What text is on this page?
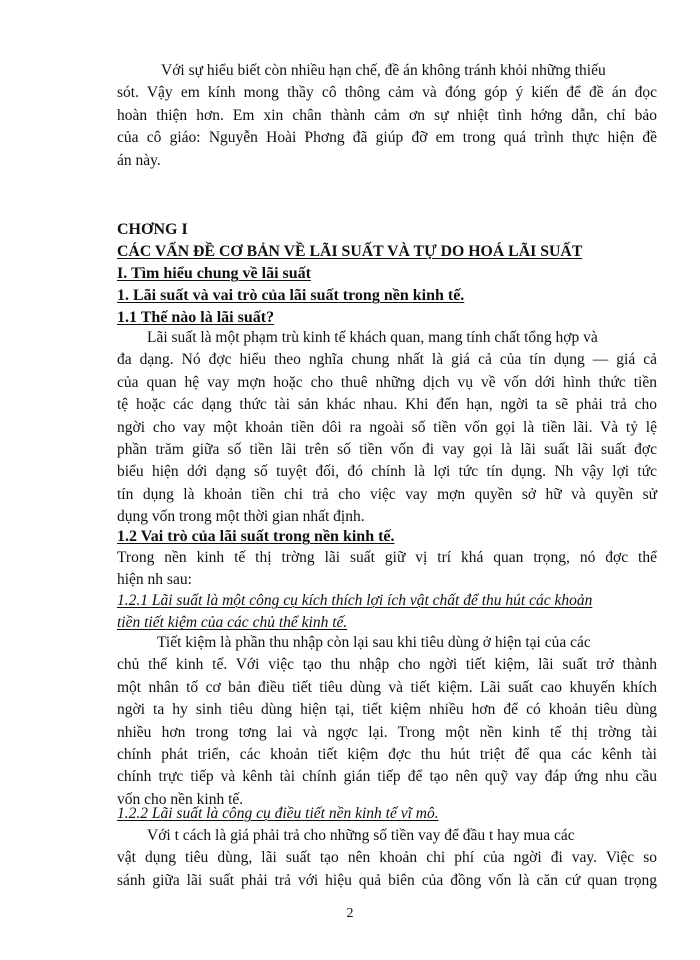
Với sự hiểu biết còn nhiều hạn chế, đề án không tránh khỏi những thiếu
sót. Vậy em kính mong thầy cô thông cảm và đóng góp ý kiến để đề án đọc
hoàn thiện hơn. Em xin chân thành cảm ơn sự nhiệt tình hớng dẫn, chỉ bảo
của cô giáo: Nguyễn Hoài Phơng đã giúp đỡ em trong quá trình thực hiện đề
án này.
CHƠNG I
CÁC VẤN ĐỀ CƠ BẢN VỀ LÃI SUẤT VÀ TỰ DO HOÁ LÃI SUẤT
I. Tìm hiểu chung về lãi suất
1. Lãi suất và vai trò của lãi suất trong nền kinh tế.
1.1 Thế nào là lãi suất?
Lãi suất là một phạm trù kinh tế khách quan, mang tính chất tổng hợp và
đa dạng. Nó đợc hiểu theo nghĩa chung nhất là giá cả của tín dụng — giá cả
của quan hệ vay mợn hoặc cho thuê những dịch vụ về vốn dới hình thức tiền
tệ hoặc các dạng thức tài sản khác nhau. Khi đến hạn, ngời ta sẽ phải trả cho
ngời cho vay một khoản tiền dôi ra ngoài số tiền vốn gọi là tiền lãi. Và tỷ lệ
phần trăm giữa số tiền lãi trên số tiền vốn đi vay gọi là lãi suất lãi suất đợc
biểu hiện dới dạng số tuyệt đối, đó chính là lợi tức tín dụng. Nh vậy lợi tức
tín dụng là khoản tiền chi trả cho việc vay mợn quyền sở hữ và quyền sử
dụng vốn trong một thời gian nhất định.
1.2 Vai trò của lãi suất trong nền kinh tế.
Trong nền kinh tế thị trờng lãi suất giữ vị trí khá quan trọng, nó đợc thể
hiện nh sau:
1.2.1 Lãi suất là một công cụ kích thích lợi ích vật chất để thu hút các khoản
tiền tiết kiệm của các chủ thể kinh tế.
Tiết kiệm là phần thu nhập còn lại sau khi tiêu dùng ở hiện tại của các
chủ thể kinh tế. Với việc tạo thu nhập cho ngời tiết kiệm, lãi suất trở thành
một nhân tố cơ bản điều tiết tiêu dùng và tiết kiệm. Lãi suất cao khuyến khích
ngời ta hy sinh tiêu dùng hiện tại, tiết kiệm nhiều hơn để có khoản tiêu dùng
nhiều hơn trong tơng lai và ngợc lại. Trong một nền kinh tế thị trờng tài
chính phát triển, các khoản tiết kiệm đợc thu hút triệt để qua các kênh tài
chính trực tiếp và kênh tài chính gián tiếp để tạo nên quỹ vay đáp ứng nhu cầu
vốn cho nền kinh tế.
1.2.2 Lãi suất là công cụ điều tiết nền kinh tế vĩ mô.
Với t cách là giá phải trả cho những số tiền vay để đầu t hay mua các
vật dụng tiêu dùng, lãi suất tạo nên khoản chi phí của ngời đi vay. Việc so
sánh giữa lãi suất phải trả với hiệu quả biên của đồng vốn là căn cứ quan trọng
2
